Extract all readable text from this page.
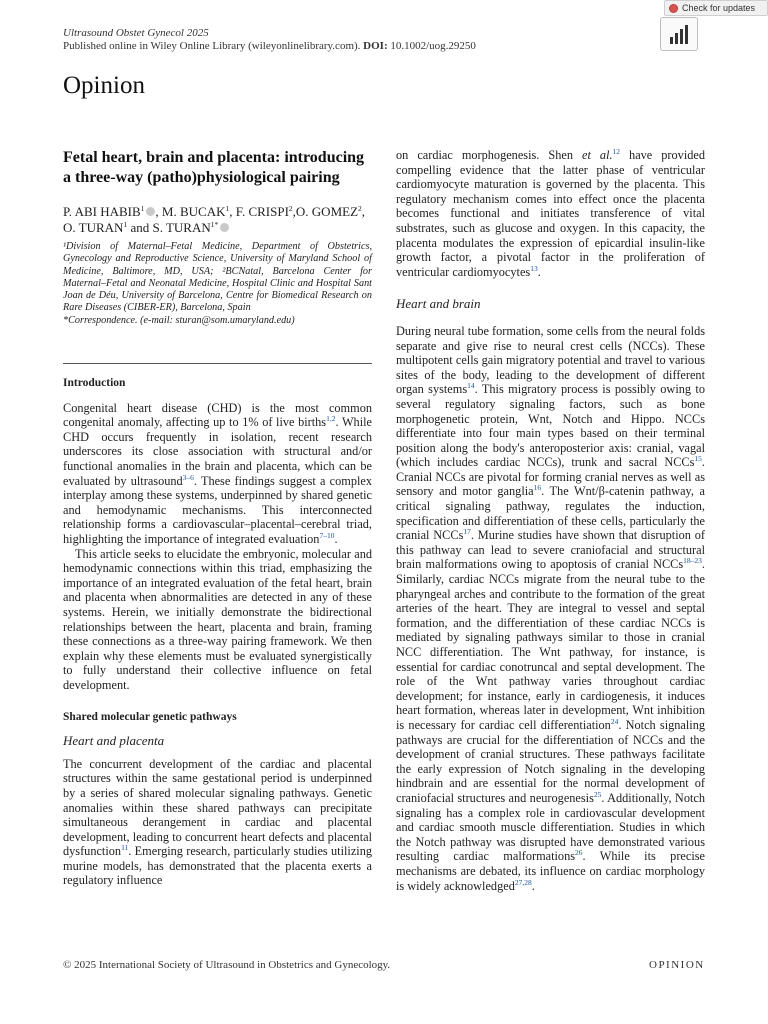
Ultrasound Obstet Gynecol 2025
Published online in Wiley Online Library (wileyonlinelibrary.com). DOI: 10.1002/uog.29250
Opinion
Check for updates
Fetal heart, brain and placenta: introducing a three-way (patho)physiological pairing

P. ABI HABIB$^1$ , M. BUCAK$^1$, F. CRISPI$^2$,O. GOMEZ$^2$, O. TURAN$^1$ and S. $TURAN^{1*}$

¹Division of Maternal–Fetal Medicine, Department of Obstetrics, Gynecology and Reproductive Science, University of Maryland School of Medicine, Baltimore, MD, USA; ²BCNatal, Barcelona Center for Maternal–Fetal and Neonatal Medicine, Hospital Clinic and Hospital Sant Joan de Déu, University of Barcelona, Centre for Biomedical Research on Rare Diseases (CIBER-ER), Barcelona, Spain

*Correspondence. (e-mail: sturan@som.umaryland.edu)

Introduction

Congenital heart disease (CHD) is the most common congenital anomaly, affecting up to 1% of live births$^{1,2}$. While CHD occurs frequently in isolation, recent research underscores its close association with structural and/or functional anomalies in the brain and placenta, which can be evaluated by ultrasound$^{3-6}$. These findings suggest a complex interplay among these systems, underpinned by shared genetic and hemodynamic mechanisms. This interconnected relationship forms a cardiovascular–placental–cerebral triad, highlighting the importance of integrated evaluation$^{7-10}$.

This article seeks to elucidate the embryonic, molecular and hemodynamic connections within this triad, emphasizing the importance of an integrated evaluation of the fetal heart, brain and placenta when abnormalities are detected in any of these systems. Herein, we initially demonstrate the bidirectional relationships between the heart, placenta and brain, framing these connections as a three-way pairing framework. We then explain why these elements must be evaluated synergistically to fully understand their collective influence on fetal development.

Shared molecular genetic pathways

Heart and placenta

The concurrent development of the cardiac and placental structures within the same gestational period is underpinned by a series of shared molecular signaling pathways. Genetic anomalies within these shared pathways can precipitate simultaneous derangement in cardiac and placental development, leading to concurrent heart defects and placental dysfunction$^{11}$. Emerging research, particularly studies utilizing murine models, has demonstrated that the placenta exerts a regulatory influence

on cardiac morphogenesis. Shen et al.$^{12}$ have provided compelling evidence that the latter phase of ventricular cardiomyocyte maturation is governed by the placenta. This regulatory mechanism comes into effect once the placenta becomes functional and initiates transference of vital substrates, such as glucose and oxygen. In this capacity, the placenta modulates the expression of epicardial insulin-like growth factor, a pivotal factor in the proliferation of ventricular cardiomyocytes$^{13}$.

Heart and brain

During neural tube formation, some cells from the neural folds separate and give rise to neural crest cells (NCCs). These multipotent cells gain migratory potential and travel to various sites of the body, leading to the development of different organ systems$^{14}$. This migratory process is possibly owing to several regulatory signaling factors, such as bone morphogenetic protein, Wnt, Notch and Hippo. NCCs differentiate into four main types based on their terminal position along the body's anteroposterior axis: cranial, vagal (which includes cardiac NCCs), trunk and sacral NCCs$^{15}$. Cranial NCCs are pivotal for forming cranial nerves as well as sensory and motor ganglia$^{16}$. The Wnt/β-catenin pathway, a critical signaling pathway, regulates the induction, specification and differentiation of these cells, particularly the cranial NCCs$^{17}$. Murine studies have shown that disruption of this pathway can lead to severe craniofacial and structural brain malformations owing to apoptosis of cranial NCCs$^{18-23}$. Similarly, cardiac NCCs migrate from the neural tube to the pharyngeal arches and contribute to the formation of the great arteries of the heart. They are integral to vessel and septal formation, and the differentiation of these cardiac NCCs is mediated by signaling pathways similar to those in cranial NCC differentiation. The Wnt pathway, for instance, is essential for cardiac conotruncal and septal development. The role of the Wnt pathway varies throughout cardiac development; for instance, early in cardiogenesis, it induces heart formation, whereas later in development, Wnt inhibition is necessary for cardiac cell differentiation$^{24}$. Notch signaling pathways are crucial for the differentiation of NCCs and the development of cranial structures. These pathways facilitate the early expression of Notch signaling in the developing hindbrain and are essential for the normal development of craniofacial structures and neurogenesis$^{25}$. Additionally, Notch signaling has a complex role in cardiovascular development and cardiac smooth muscle differentiation. Studies in which the Notch pathway was disrupted have demonstrated various resulting cardiac malformations$^{26}$. While its precise mechanisms are debated, its influence on cardiac morphology is widely acknowledged$^{27,28}$.

© 2025 International Society of Ultrasound in Obstetrics and Gynecology.	OPINION
